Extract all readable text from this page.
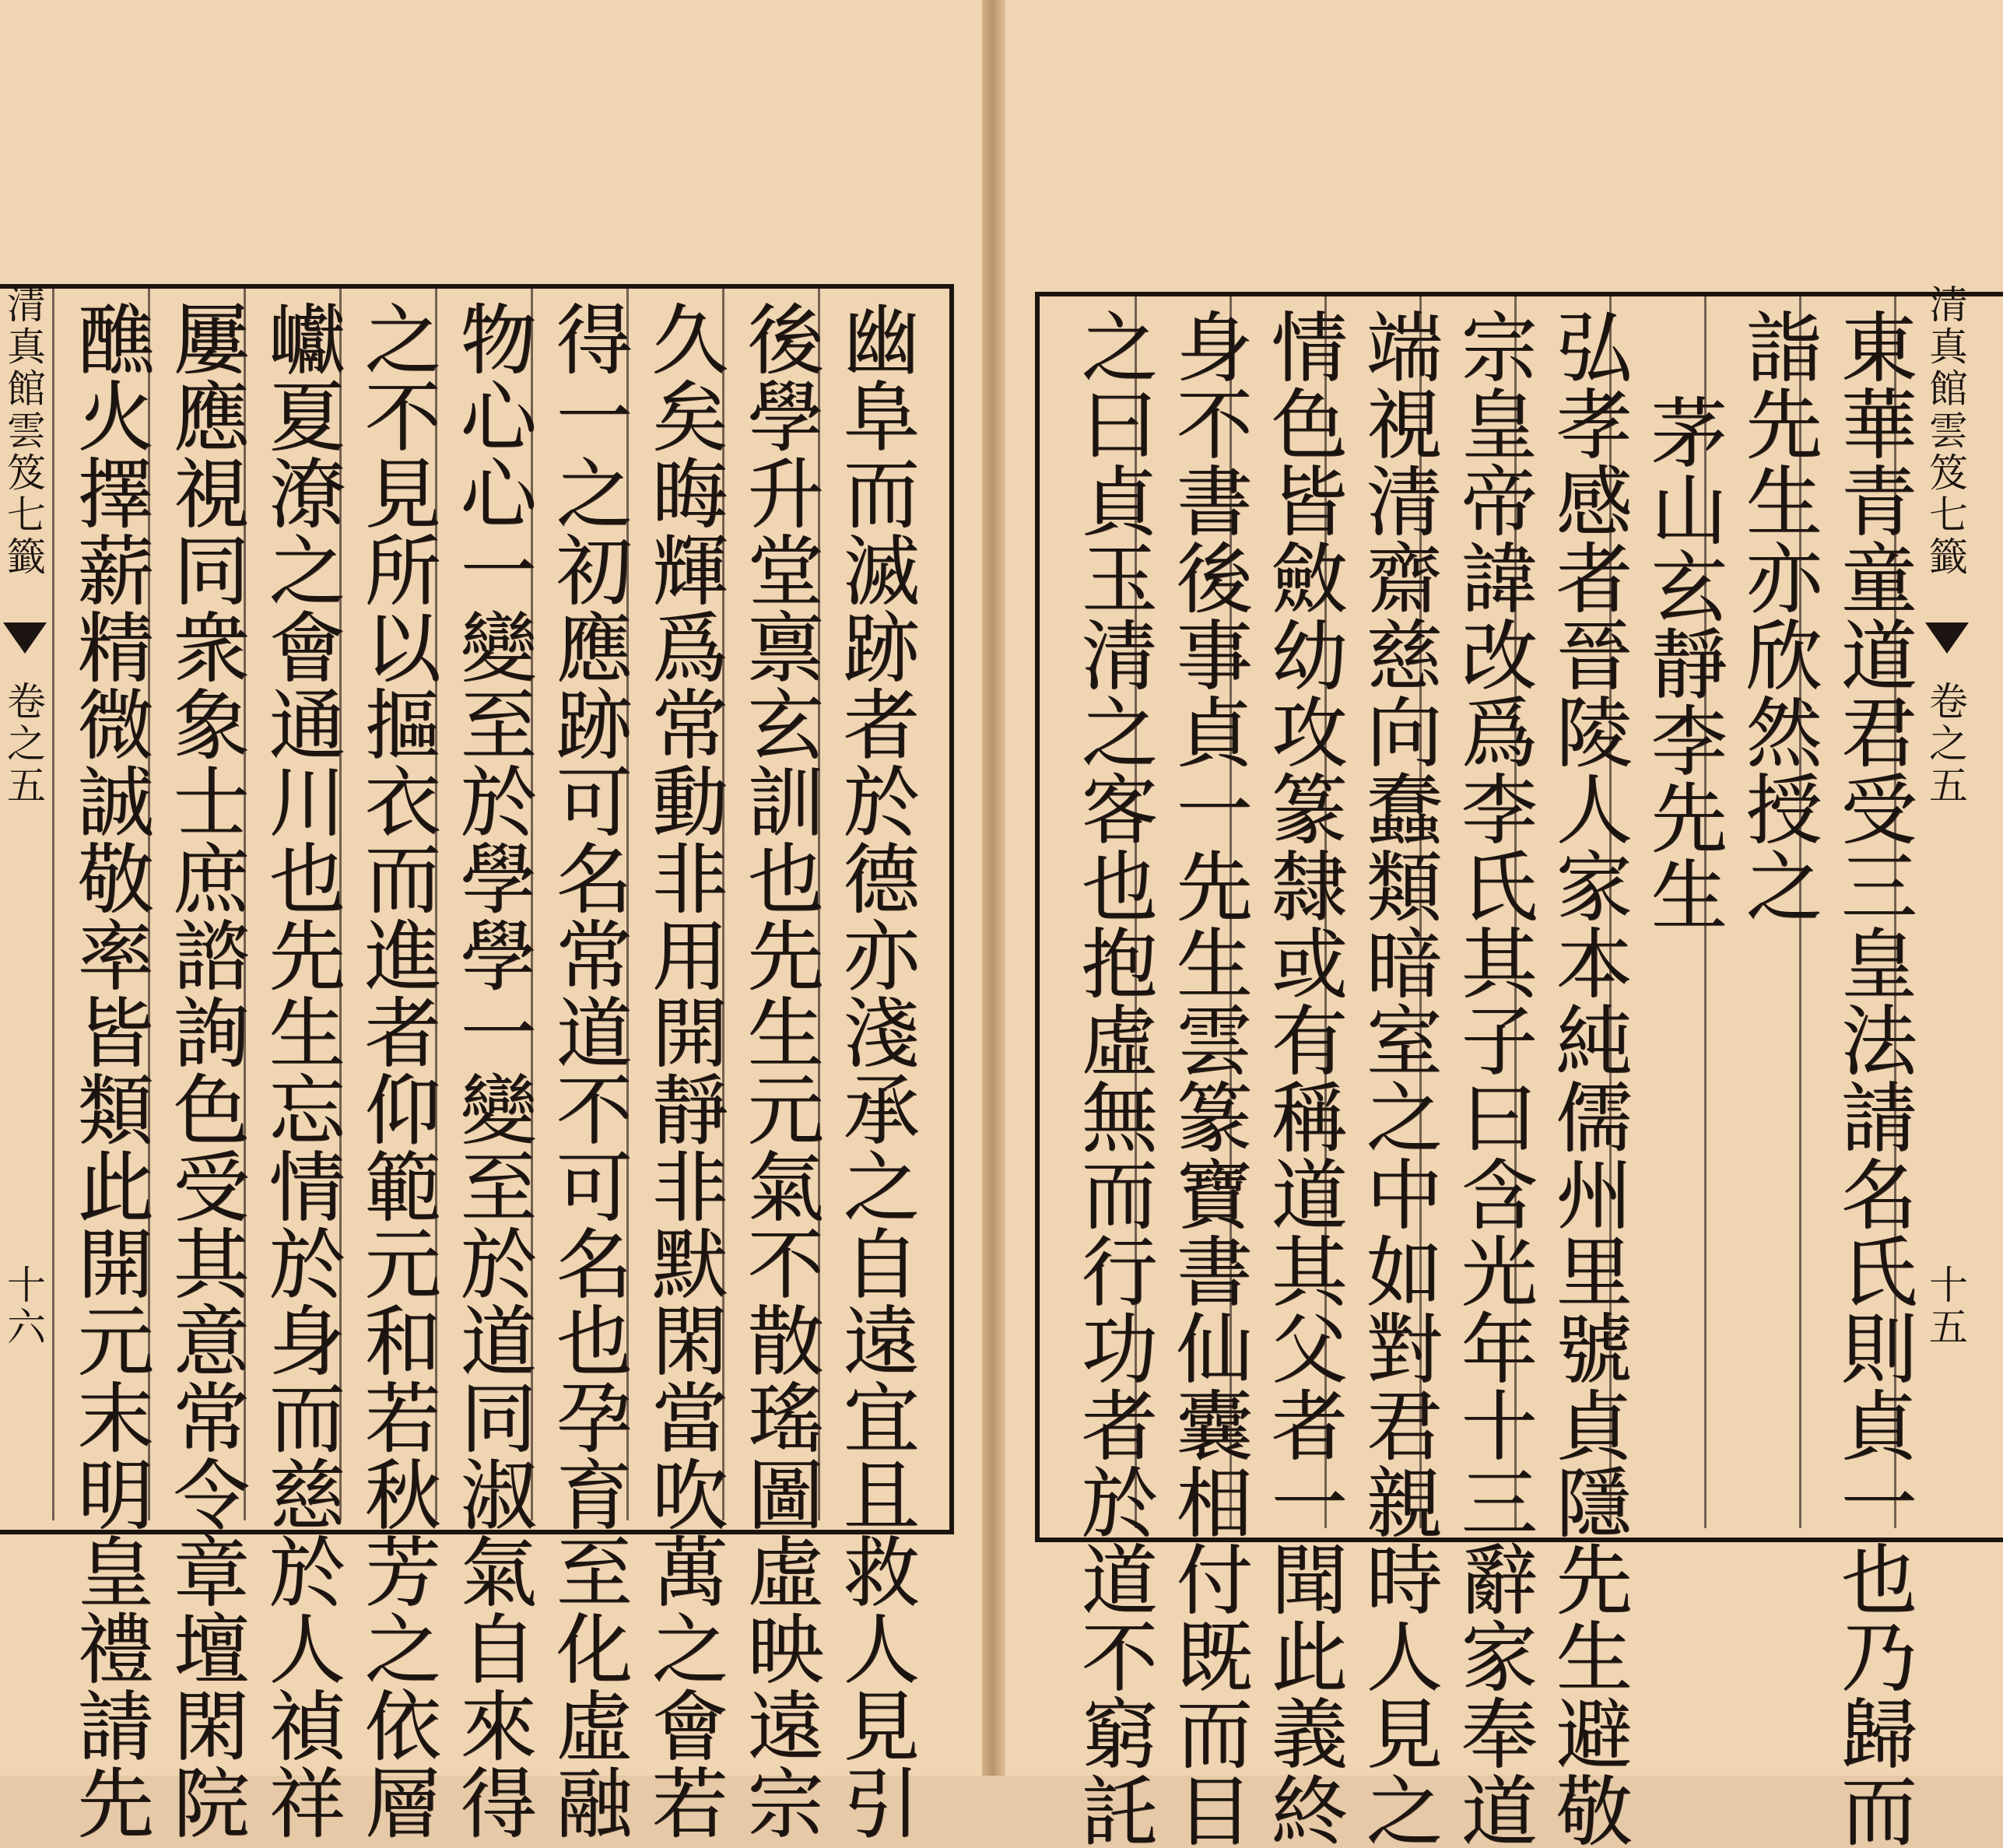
清真館雲笈七籤
卷之五
十六	幽阜而滅跡者於德亦淺承之自遠宜且救人見引
後學升堂禀玄訓也先生元氣不散瑤圖虛映遠宗
久矣晦輝爲常動非用開靜非默閑當吹萬之會若
得一之初應跡可名常道不可名也孕育至化虛融
物心心一變至於學學一變至於道同淑氣自來得
之不見所以摳衣而進者仰範元和若秋芳之依層
巘夏潦之會通川也先生忘情於身而慈於人禎祥
屢應視同衆象士庶諮詢色受其意常令章壇閑院
醮火擇薪精微誠敬率皆類此開元末明皇禮請先	清真館雲笈七籤
卷之五
十五
東華青童道君受三皇法請名氏則貞一也乃歸而
詣先生亦欣然授之
茅山玄靜李先生
弘孝感者晉陵人家本純儒州里號貞隱先生避敬
宗皇帝諱改爲李氏其子曰含光年十三辭家奉道
端視清齋慈向蠢類暗室之中如對君親時人見之
情色皆斂幼攻篆隸或有稱道其父者一聞此義終
身不書後事貞一先生雲篆寶書仙囊相付既而目
之曰貞玉清之客也抱虛無而行功者於道不窮託
